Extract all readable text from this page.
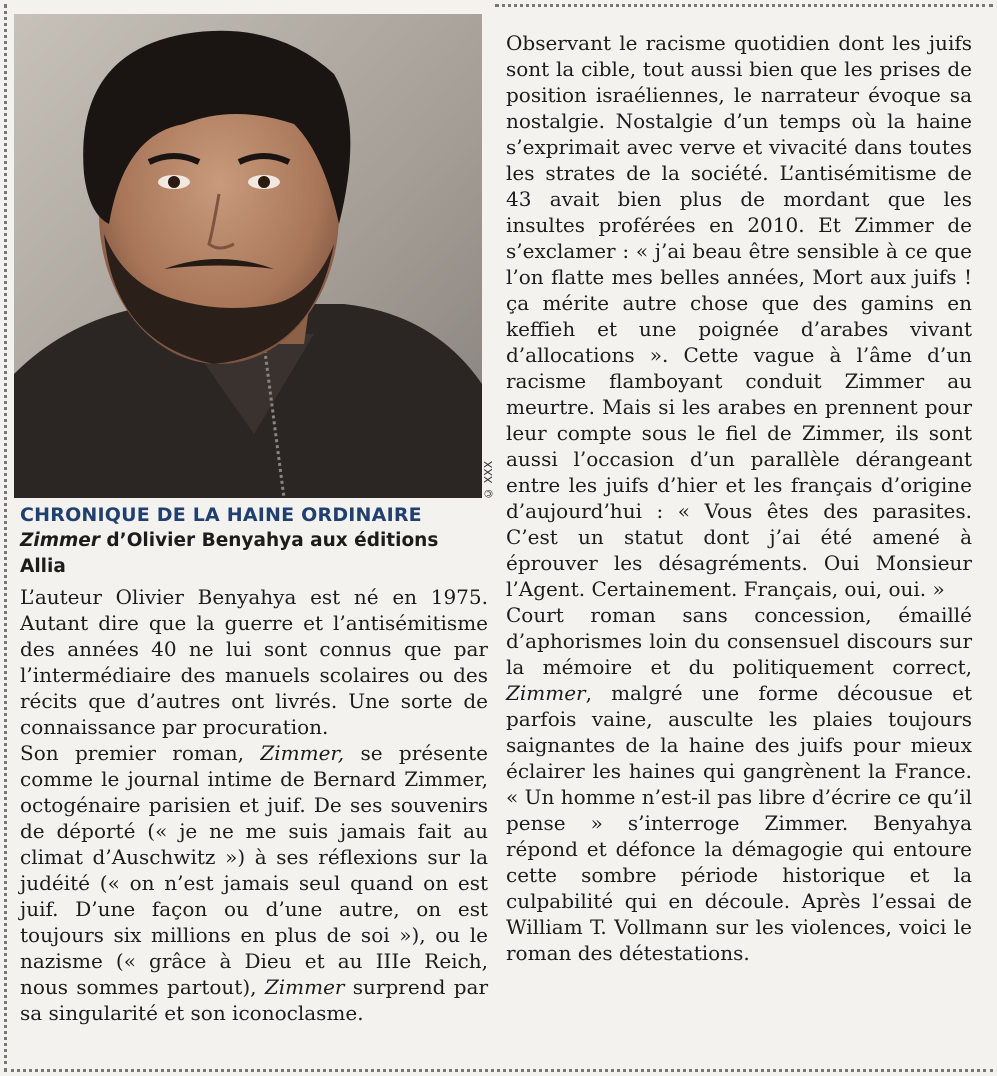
© XXX
CHRONIQUE DE LA HAINE ORDINAIRE
Zimmer d’Olivier Benyahya aux éditions Allia

L’auteur Olivier Benyahya est né en 1975. Autant dire que la guerre et l’antisémitisme des années 40 ne lui sont connus que par l’intermédiaire des manuels scolaires ou des récits que d’autres ont livrés. Une sorte de connaissance par procuration.

Son premier roman, Zimmer, se présente comme le journal intime de Bernard Zimmer, octogénaire parisien et juif. De ses souvenirs de déporté (« je ne me suis jamais fait au climat d’Auschwitz ») à ses réflexions sur la judéité (« on n’est jamais seul quand on est juif. D’une façon ou d’une autre, on est toujours six millions en plus de soi »), ou le nazisme (« grâce à Dieu et au IIIe Reich, nous sommes partout), Zimmer surprend par sa singularité et son iconoclasme.

Observant le racisme quotidien dont les juifs sont la cible, tout aussi bien que les prises de position israéliennes, le narrateur évoque sa nostalgie. Nostalgie d’un temps où la haine s’exprimait avec verve et vivacité dans toutes les strates de la société. L’antisémitisme de 43 avait bien plus de mordant que les insultes proférées en 2010. Et Zimmer de s’exclamer : « j’ai beau être sensible à ce que l’on flatte mes belles années, Mort aux juifs ! ça mérite autre chose que des gamins en keffieh et une poignée d’arabes vivant d’allocations ». Cette vague à l’âme d’un racisme flamboyant conduit Zimmer au meurtre. Mais si les arabes en prennent pour leur compte sous le fiel de Zimmer, ils sont aussi l’occasion d’un parallèle dérangeant entre les juifs d’hier et les français d’origine d’aujourd’hui : « Vous êtes des parasites. C’est un statut dont j’ai été amené à éprouver les désagréments. Oui Monsieur l’Agent. Certainement. Français, oui, oui. »

Court roman sans concession, émaillé d’aphorismes loin du consensuel discours sur la mémoire et du politiquement correct, Zimmer, malgré une forme décousue et parfois vaine, ausculte les plaies toujours saignantes de la haine des juifs pour mieux éclairer les haines qui gangrènent la France. « Un homme n’est-il pas libre d’écrire ce qu’il pense » s’interroge Zimmer. Benyahya répond et défonce la démagogie qui entoure cette sombre période historique et la culpabilité qui en découle. Après l’essai de William T. Vollmann sur les violences, voici le roman des détestations.
